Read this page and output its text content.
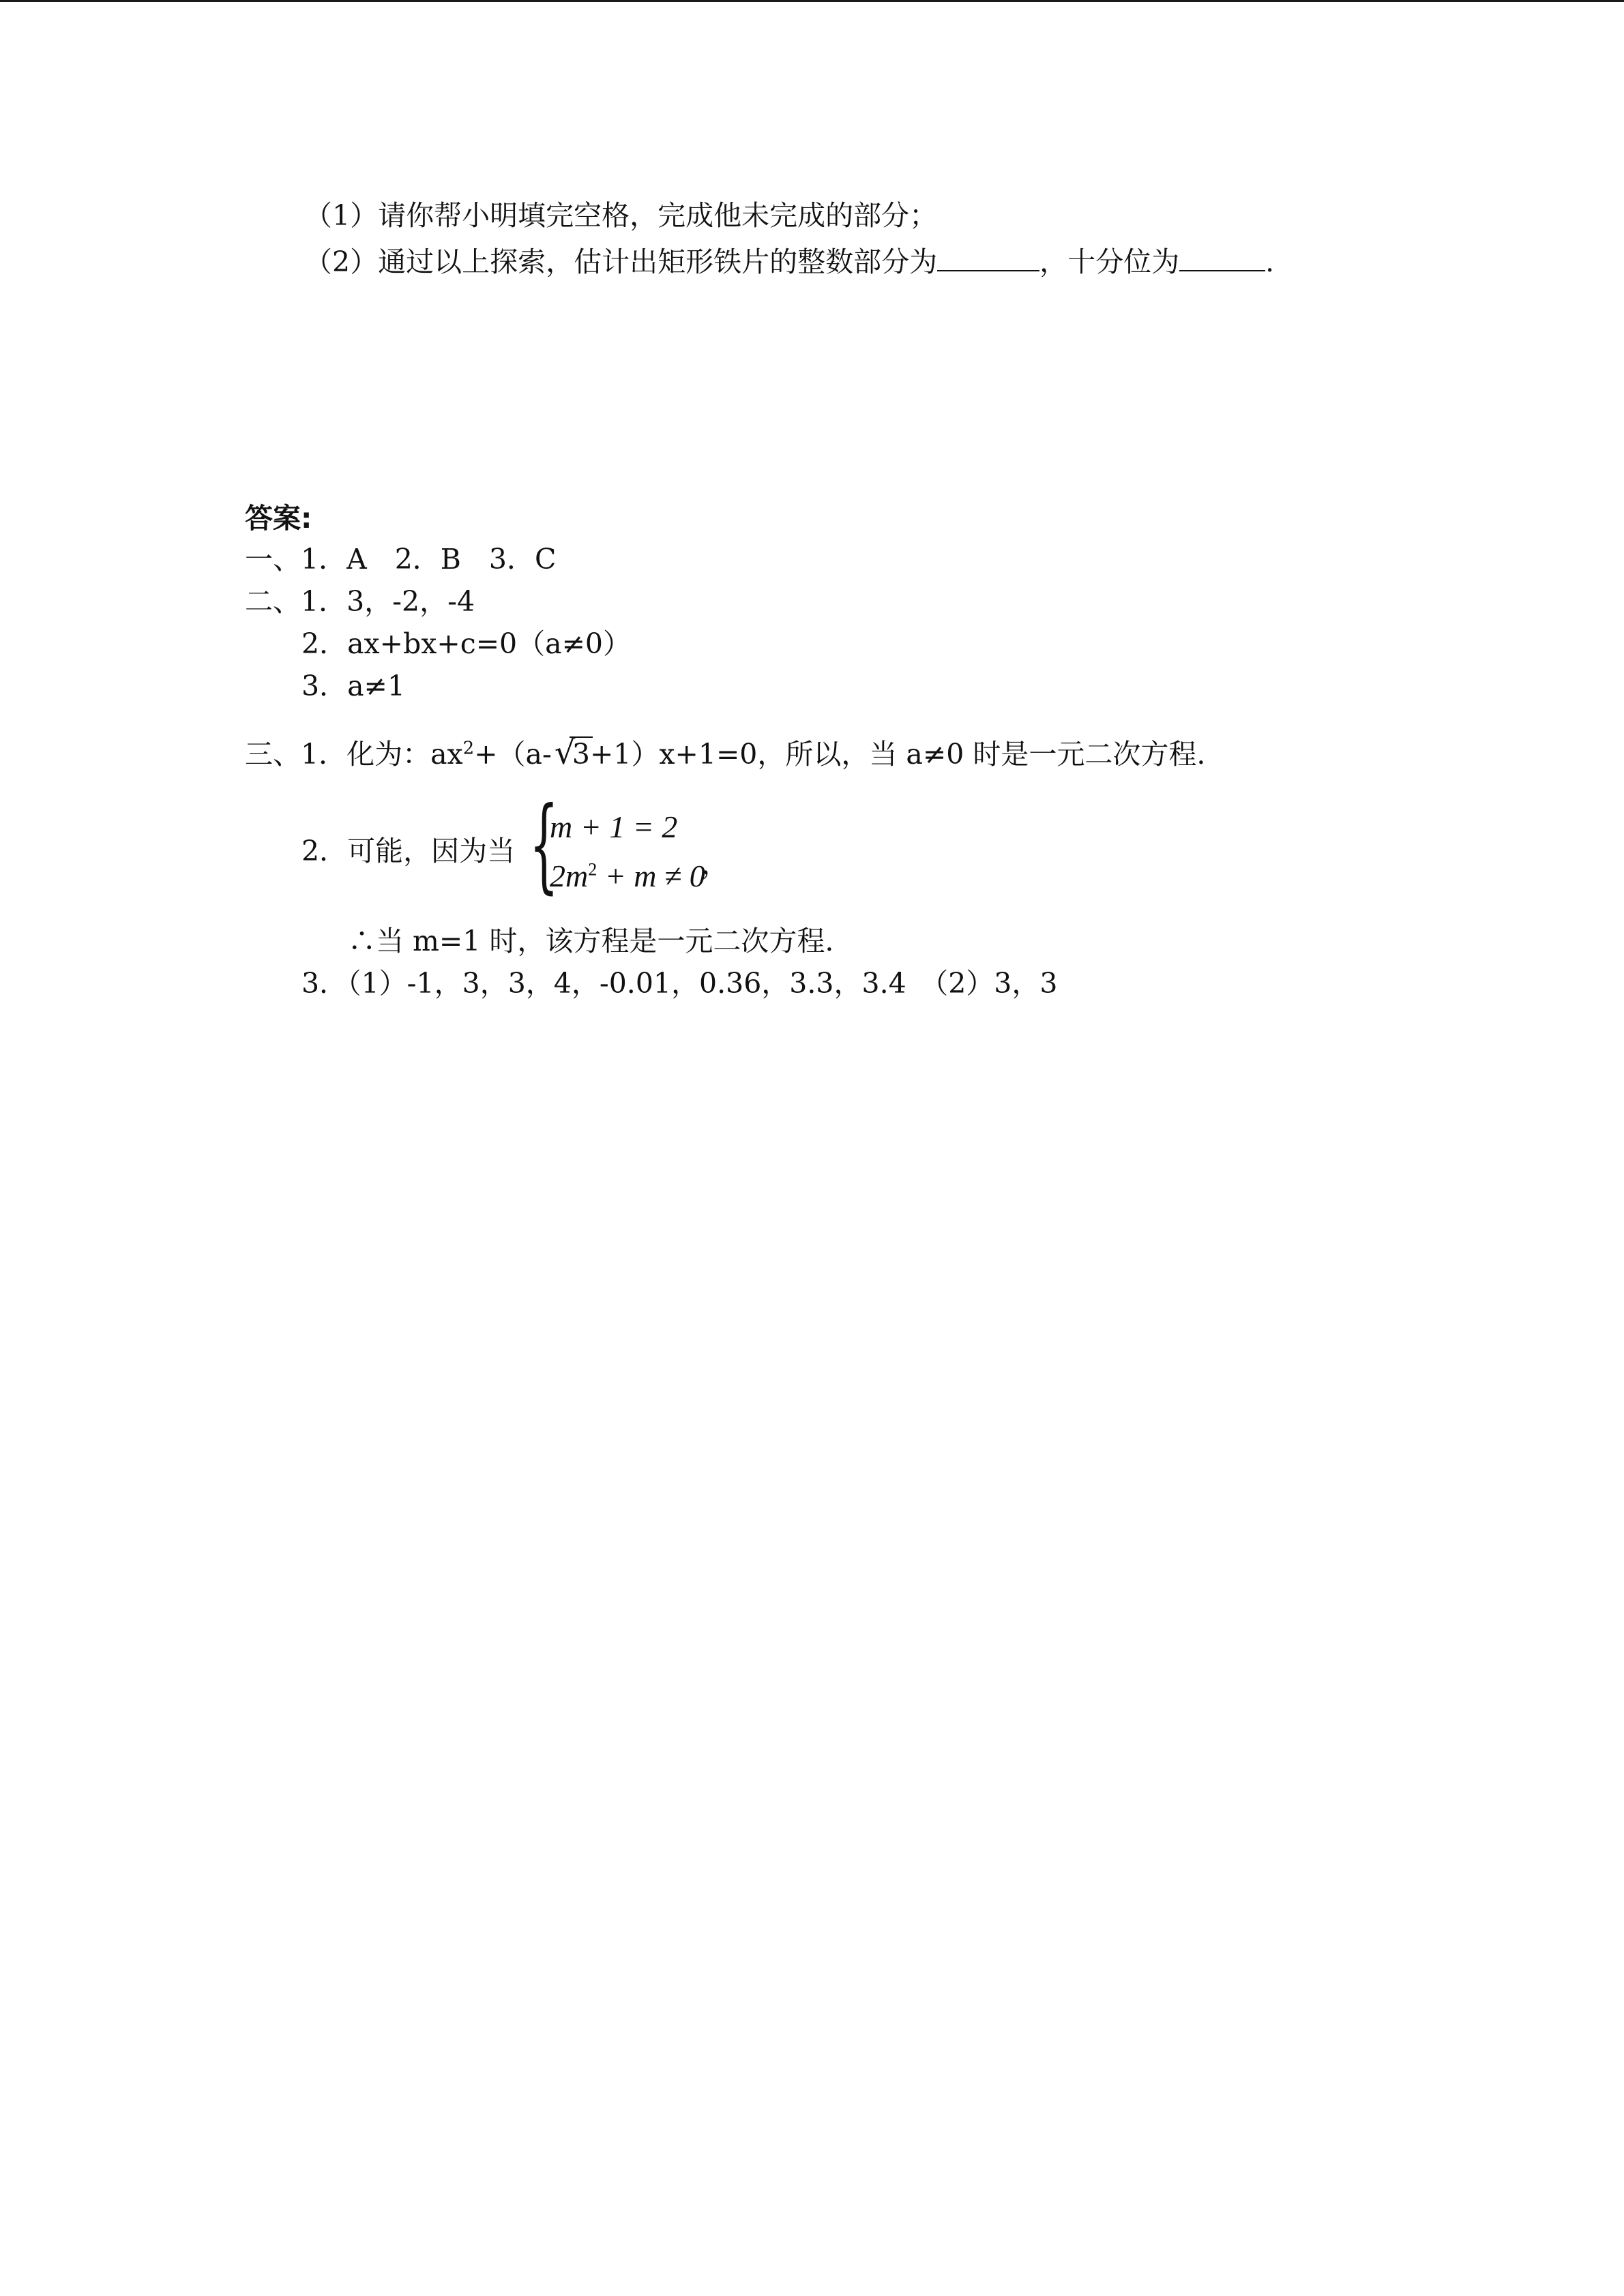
（1）请你帮小明填完空格，完成他未完成的部分；
（2）通过以上探索，估计出矩形铁片的整数部分为	，十分位为	.
答案:
一、1．A　2．B　3．C
二、1．3，-2，-4
2．ax+bx+c=0（a≠0）
3．a≠1
三、1．化为：$ax^2+(a-$ √
3+1）x+1=0，所以，当 a≠0 时是一元二次方程.
2．可能，因为当 {
m + 1 = 2
$2m^2 + m \ne 0$
，
∴当 m=1 时，该方程是一元二次方程.
3．（1）-1，3，3，4，-0.01，0.36，3.3，3.4　（2）3，3
